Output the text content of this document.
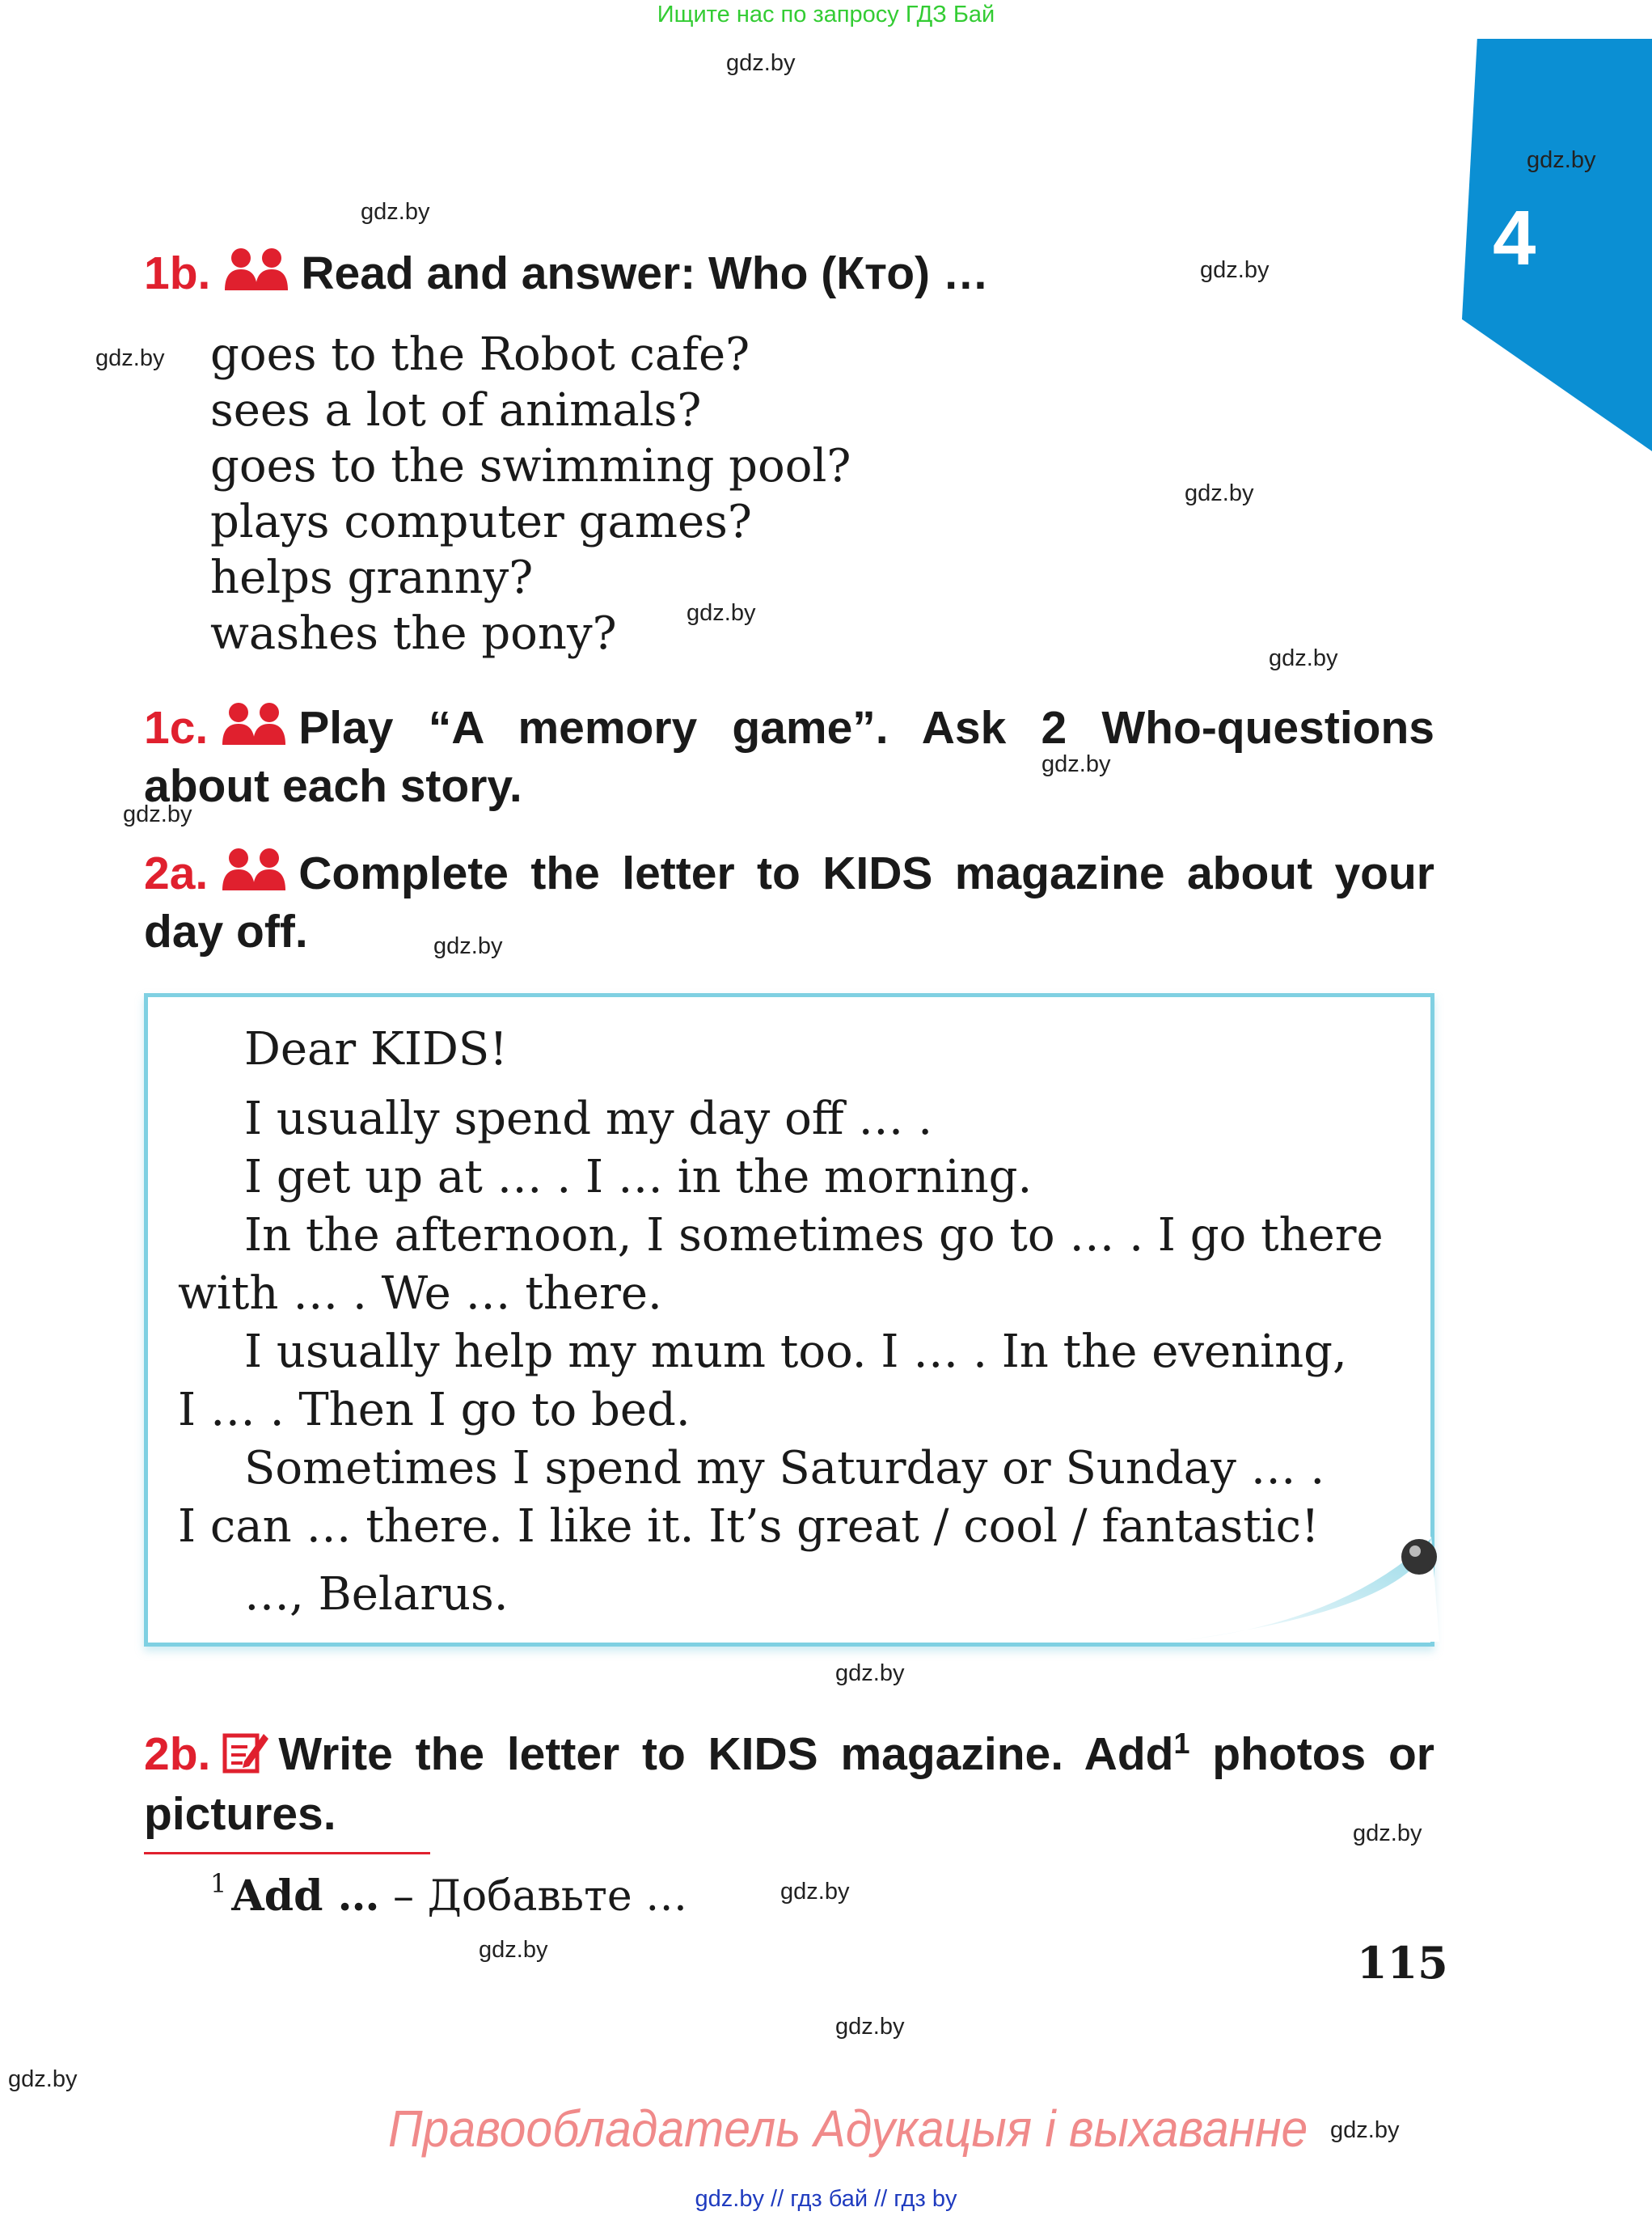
Ищите нас по запросу ГДЗ Бай
4
gdz.by
gdz.by
gdz.by
gdz.by
gdz.by
gdz.by
gdz.by
gdz.by
gdz.by
gdz.by
gdz.by
gdz.by
gdz.by
gdz.by
gdz.by
gdz.by
gdz.by
gdz.by
1b. Read and answer: Who (Кто) …
goes to the Robot cafe?
sees a lot of animals?
goes to the swimming pool?
plays computer games?
helps granny?
washes the pony?
1c. Play “A memory game”. Ask 2 Who-questions about each story.
2a. Complete the letter to KIDS magazine about your day off.
Dear KIDS!
I usually spend my day off … .
I get up at … . I … in the morning.
In the afternoon, I sometimes go to … . I go there
with … . We … there.
I usually help my mum too. I … . In the evening,
I … . Then I go to bed.
Sometimes I spend my Saturday or Sunday … .
I can … there. I like it. It’s great / cool / fantastic!
…, Belarus.
2b. Write the letter to KIDS magazine. Add$^1$ photos or pictures.
$^1$ Add … – Добавьте …
115
Правообладатель Адукацыя і выхаванне
gdz.by // гдз бай // гдз by
